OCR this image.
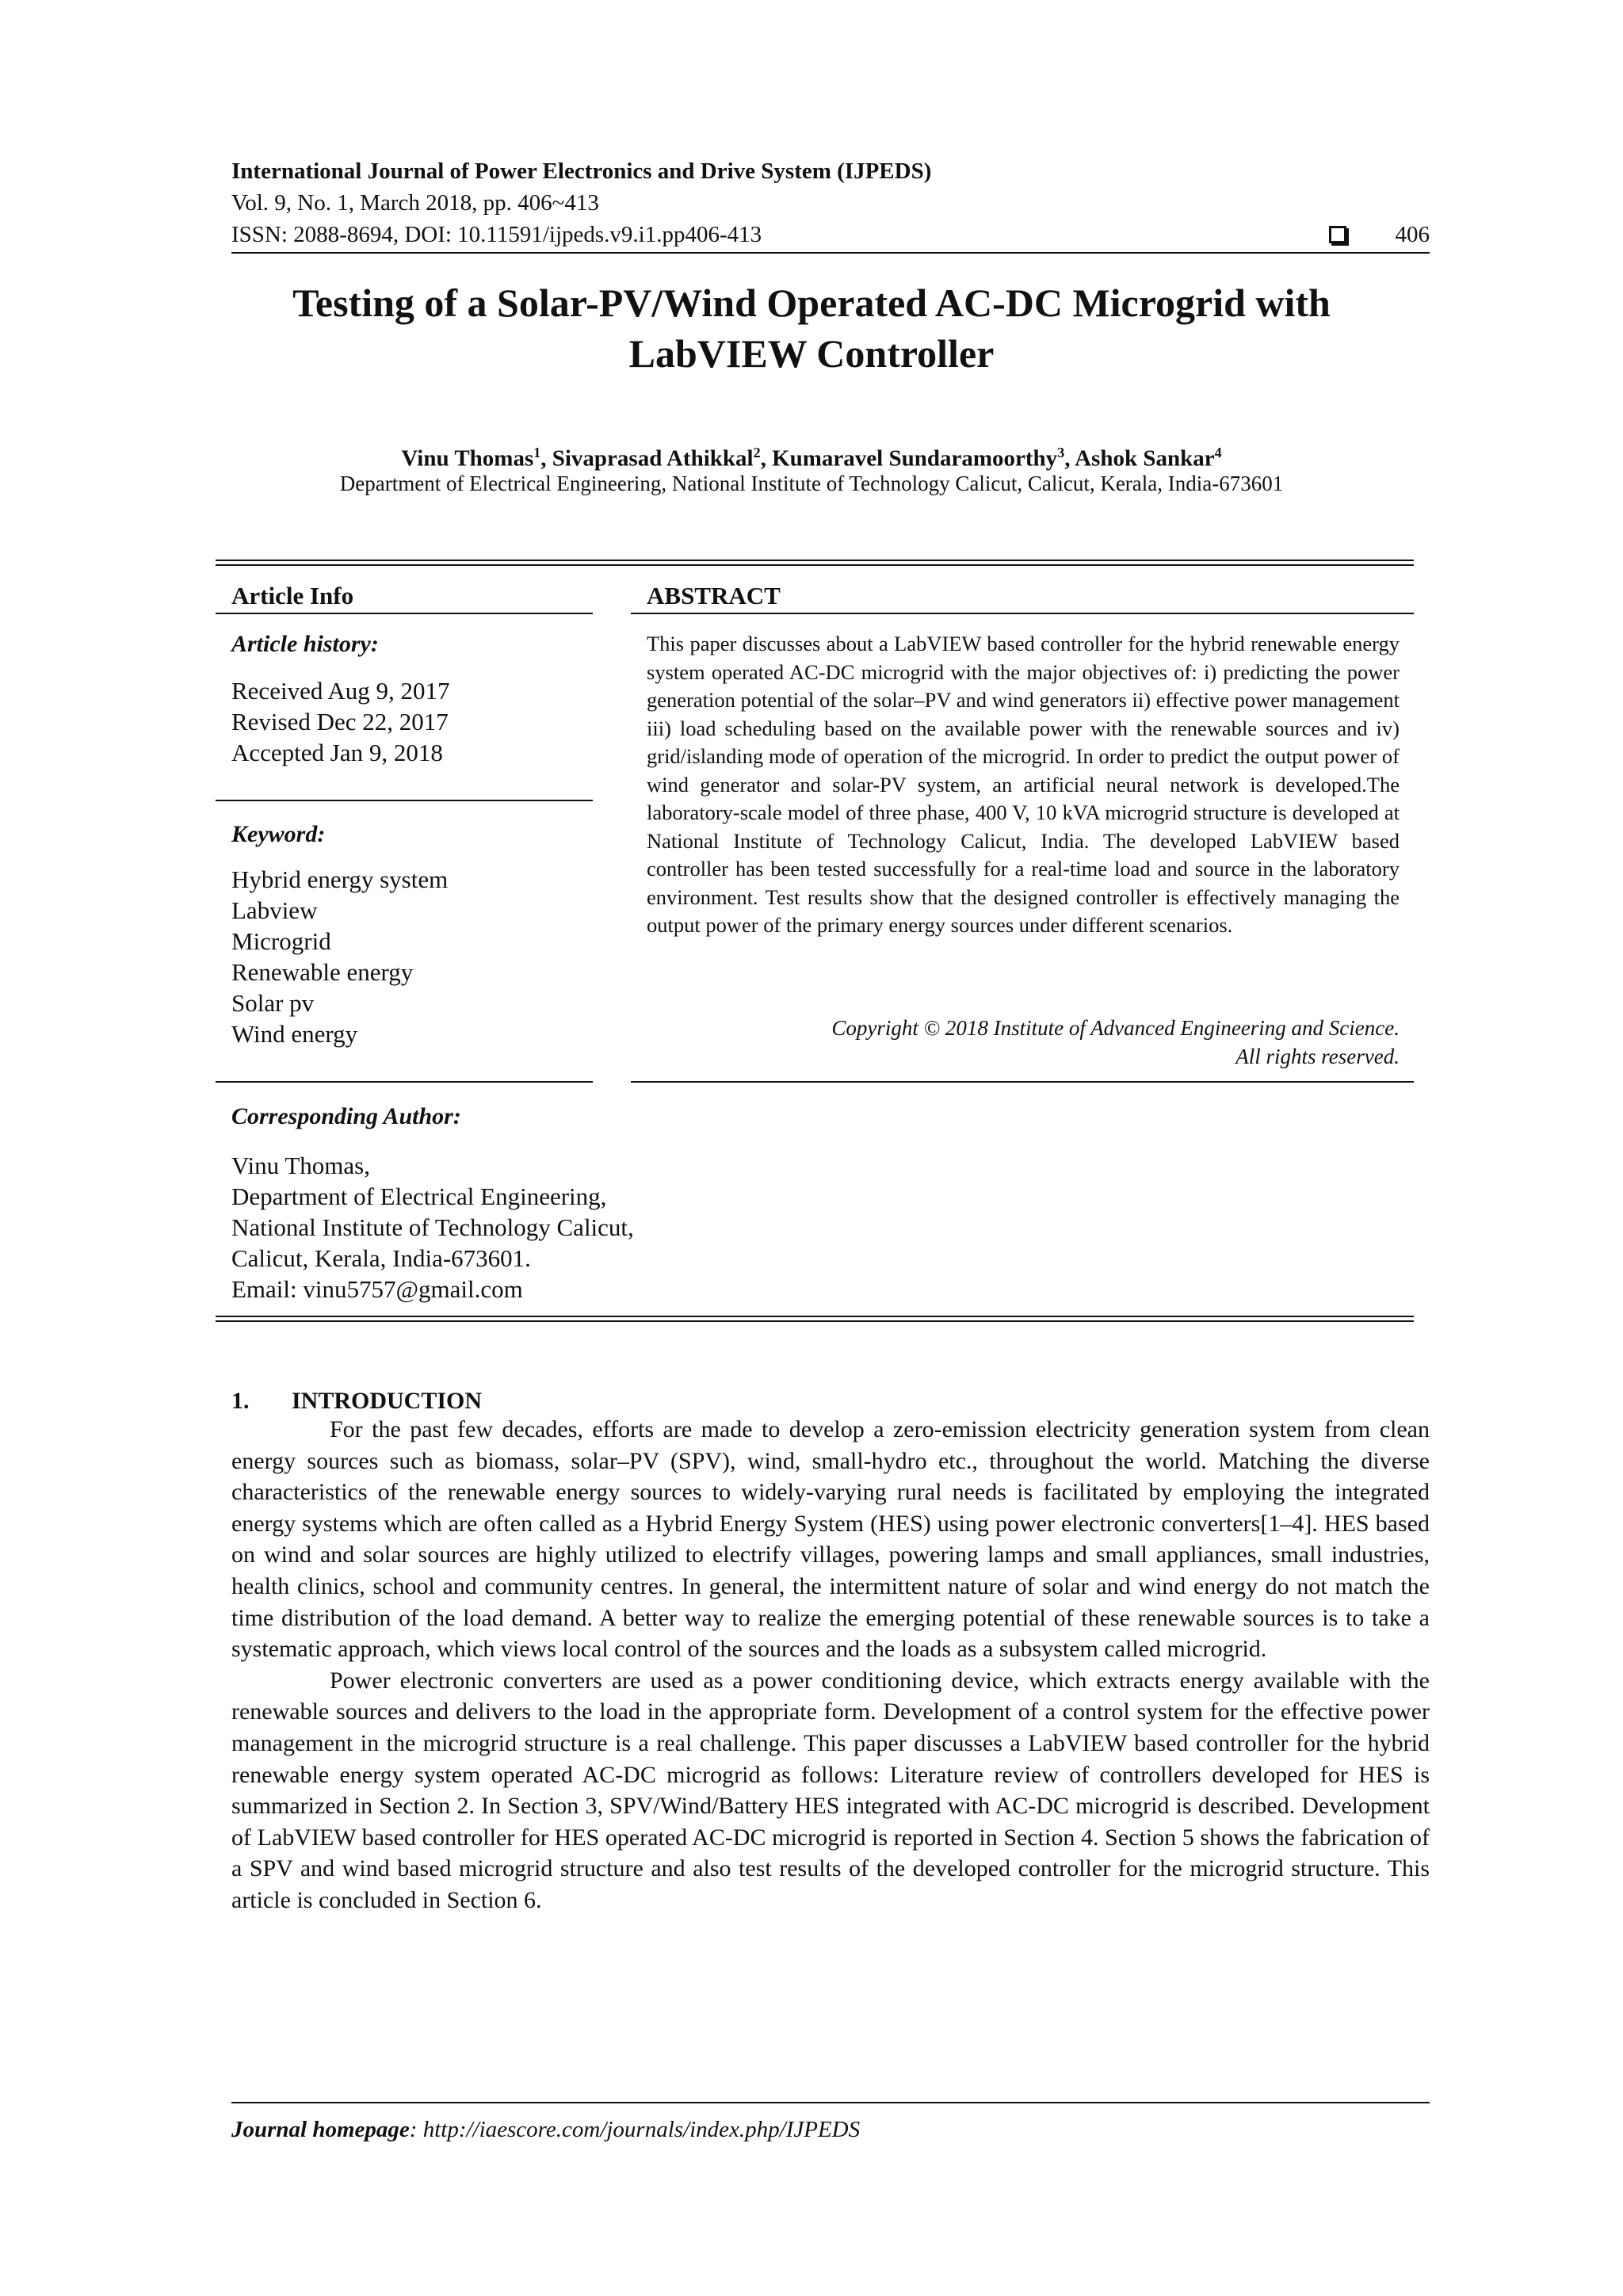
International Journal of Power Electronics and Drive System (IJPEDS)
Vol. 9, No. 1, March 2018, pp. 406~413
ISSN: 2088-8694, DOI: 10.11591/ijpeds.v9.i1.pp406-413	406
Testing of a Solar-PV/Wind Operated AC-DC Microgrid with
LabVIEW Controller
Vinu Thomas$^1$, Sivaprasad Athikkal$^2$, Kumaravel Sundaramoorthy$^3$, Ashok Sankar$^4$
Department of Electrical Engineering, National Institute of Technology Calicut, Calicut, Kerala, India-673601
Article Info
Article history:
Received Aug 9, 2017
Revised Dec 22, 2017
Accepted Jan 9, 2018
Keyword:
Hybrid energy system
Labview
Microgrid
Renewable energy
Solar pv
Wind energy
ABSTRACT
This paper discusses about a LabVIEW based controller for the hybrid renewable energy system operated AC-DC microgrid with the major objectives of: i) predicting the power generation potential of the solar–PV and wind generators ii) effective power management iii) load scheduling based on the available power with the renewable sources and iv) grid/islanding mode of operation of the microgrid. In order to predict the output power of wind generator and solar-PV system, an artificial neural network is developed.The laboratory-scale model of three phase, 400 V, 10 kVA microgrid structure is developed at National Institute of Technology Calicut, India. The developed LabVIEW based controller has been tested successfully for a real-time load and source in the laboratory environment. Test results show that the designed controller is effectively managing the output power of the primary energy sources under different scenarios.
Copyright © 2018 Institute of Advanced Engineering and Science.
All rights reserved.
Corresponding Author:
Vinu Thomas,
Department of Electrical Engineering,
National Institute of Technology Calicut,
Calicut, Kerala, India-673601.
Email: vinu5757@gmail.com
1. INTRODUCTION

For the past few decades, efforts are made to develop a zero-emission electricity generation system from clean energy sources such as biomass, solar–PV (SPV), wind, small-hydro etc., throughout the world. Matching the diverse characteristics of the renewable energy sources to widely-varying rural needs is facilitated by employing the integrated energy systems which are often called as a Hybrid Energy System (HES) using power electronic converters[1–4]. HES based on wind and solar sources are highly utilized to electrify villages, powering lamps and small appliances, small industries, health clinics, school and community centres. In general, the intermittent nature of solar and wind energy do not match the time distribution of the load demand. A better way to realize the emerging potential of these renewable sources is to take a systematic approach, which views local control of the sources and the loads as a subsystem called microgrid.

Power electronic converters are used as a power conditioning device, which extracts energy available with the renewable sources and delivers to the load in the appropriate form. Development of a control system for the effective power management in the microgrid structure is a real challenge. This paper discusses a LabVIEW based controller for the hybrid renewable energy system operated AC-DC microgrid as follows: Literature review of controllers developed for HES is summarized in Section 2. In Section 3, SPV/Wind/Battery HES integrated with AC-DC microgrid is described. Development of LabVIEW based controller for HES operated AC-DC microgrid is reported in Section 4. Section 5 shows the fabrication of a SPV and wind based microgrid structure and also test results of the developed controller for the microgrid structure. This article is concluded in Section 6.

Journal homepage: http://iaescore.com/journals/index.php/IJPEDS
